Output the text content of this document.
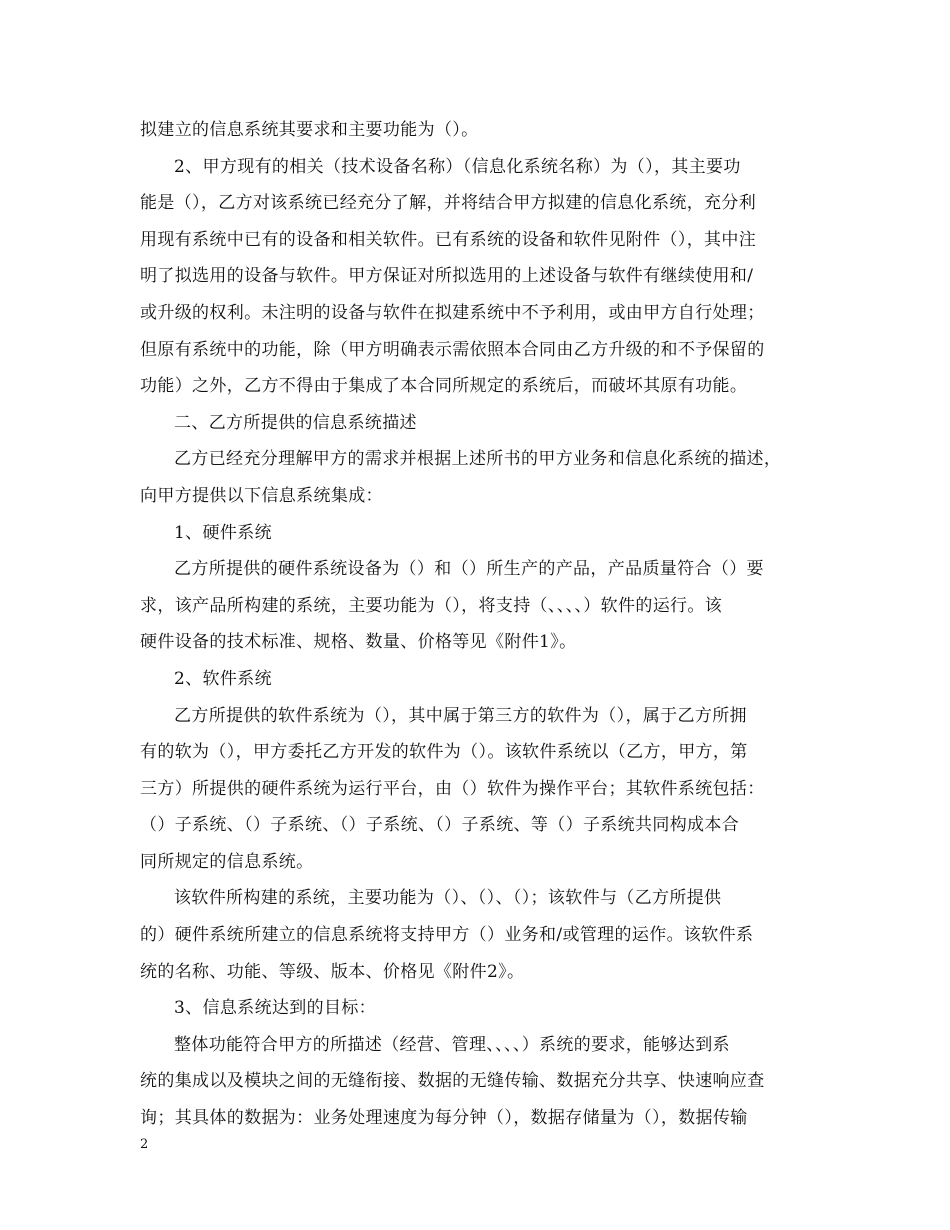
拟建立的信息系统其要求和主要功能为（）。
2、甲方现有的相关（技术设备名称）（信息化系统名称）为（），其主要功
能是（），乙方对该系统已经充分了解，并将结合甲方拟建的信息化系统，充分利
用现有系统中已有的设备和相关软件。已有系统的设备和软件见附件（），其中注
明了拟选用的设备与软件。甲方保证对所拟选用的上述设备与软件有继续使用和/
或升级的权利。未注明的设备与软件在拟建系统中不予利用，或由甲方自行处理；
但原有系统中的功能，除（甲方明确表示需依照本合同由乙方升级的和不予保留的
功能）之外，乙方不得由于集成了本合同所规定的系统后，而破坏其原有功能。
二、乙方所提供的信息系统描述
乙方已经充分理解甲方的需求并根据上述所书的甲方业务和信息化系统的描述，
向甲方提供以下信息系统集成：
1、硬件系统
乙方所提供的硬件系统设备为（）和（）所生产的产品，产品质量符合（）要
求，该产品所构建的系统，主要功能为（），将支持（、、、、）软件的运行。该
硬件设备的技术标准、规格、数量、价格等见《附件1》。
2、软件系统
乙方所提供的软件系统为（），其中属于第三方的软件为（），属于乙方所拥
有的软为（），甲方委托乙方开发的软件为（）。该软件系统以（乙方，甲方，第
三方）所提供的硬件系统为运行平台，由（）软件为操作平台；其软件系统包括：
（）子系统、（）子系统、（）子系统、（）子系统、等（）子系统共同构成本合
同所规定的信息系统。
该软件所构建的系统，主要功能为（）、（）、（）；该软件与（乙方所提供
的）硬件系统所建立的信息系统将支持甲方（）业务和/或管理的运作。该软件系
统的名称、功能、等级、版本、价格见《附件2》。
3、信息系统达到的目标：
整体功能符合甲方的所描述（经营、管理、、、、）系统的要求，能够达到系
统的集成以及模块之间的无缝衔接、数据的无缝传输、数据充分共享、快速响应查
询；其具体的数据为：业务处理速度为每分钟（），数据存储量为（），数据传输
2
